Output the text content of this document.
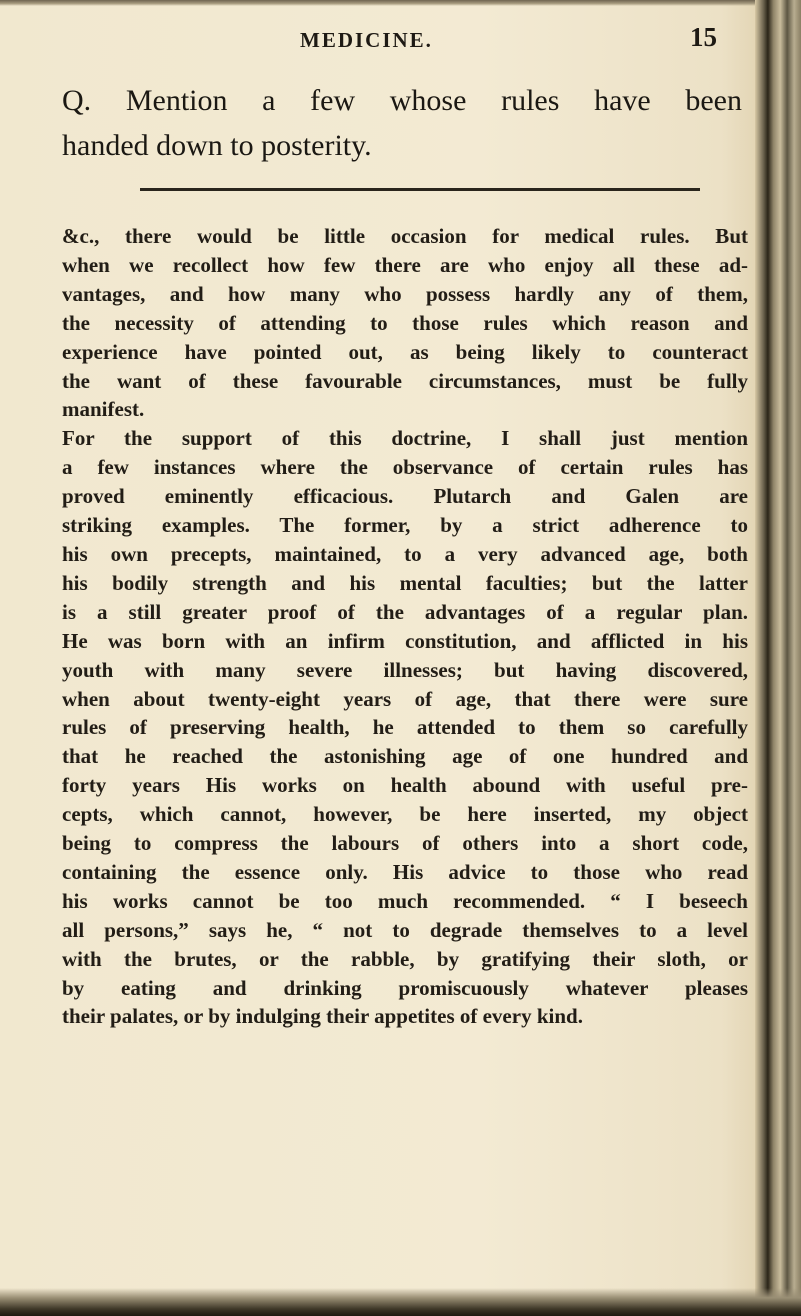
MEDICINE.	15
Q. Mention a few whose rules have been
handed down to posterity.
&c., there would be little occasion for medical rules. But
when we recollect how few there are who enjoy all these ad-
vantages, and how many who possess hardly any of them,
the necessity of attending to those rules which reason and
experience have pointed out, as being likely to counteract
the want of these favourable circumstances, must be fully
manifest.
For the support of this doctrine, I shall just mention
a few instances where the observance of certain rules has
proved eminently efficacious. Plutarch and Galen are
striking examples. The former, by a strict adherence to
his own precepts, maintained, to a very advanced age, both
his bodily strength and his mental faculties; but the latter
is a still greater proof of the advantages of a regular plan.
He was born with an infirm constitution, and afflicted in his
youth with many severe illnesses; but having discovered,
when about twenty-eight years of age, that there were sure
rules of preserving health, he attended to them so carefully
that he reached the astonishing age of one hundred and
forty years His works on health abound with useful pre-
cepts, which cannot, however, be here inserted, my object
being to compress the labours of others into a short code,
containing the essence only. His advice to those who read
his works cannot be too much recommended. “ I beseech
all persons,” says he, “ not to degrade themselves to a level
with the brutes, or the rabble, by gratifying their sloth, or
by eating and drinking promiscuously whatever pleases
their palates, or by indulging their appetites of every kind.
